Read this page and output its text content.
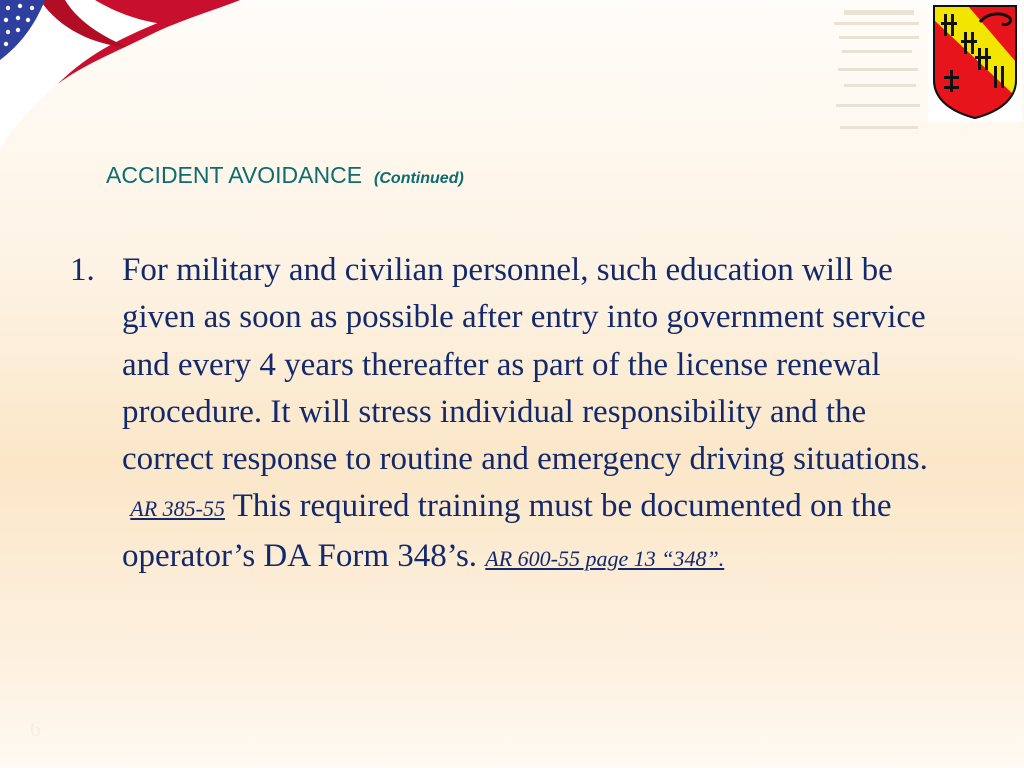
ACCIDENT AVOIDANCE (Continued)
1. For military and civilian personnel, such education will be given as soon as possible after entry into government service and every 4 years thereafter as part of the license renewal procedure. It will stress individual responsibility and the correct response to routine and emergency driving situations.  AR 385-55 This required training must be documented on the operator’s DA Form 348’s. AR 600-55 page 13 “348”.
6
